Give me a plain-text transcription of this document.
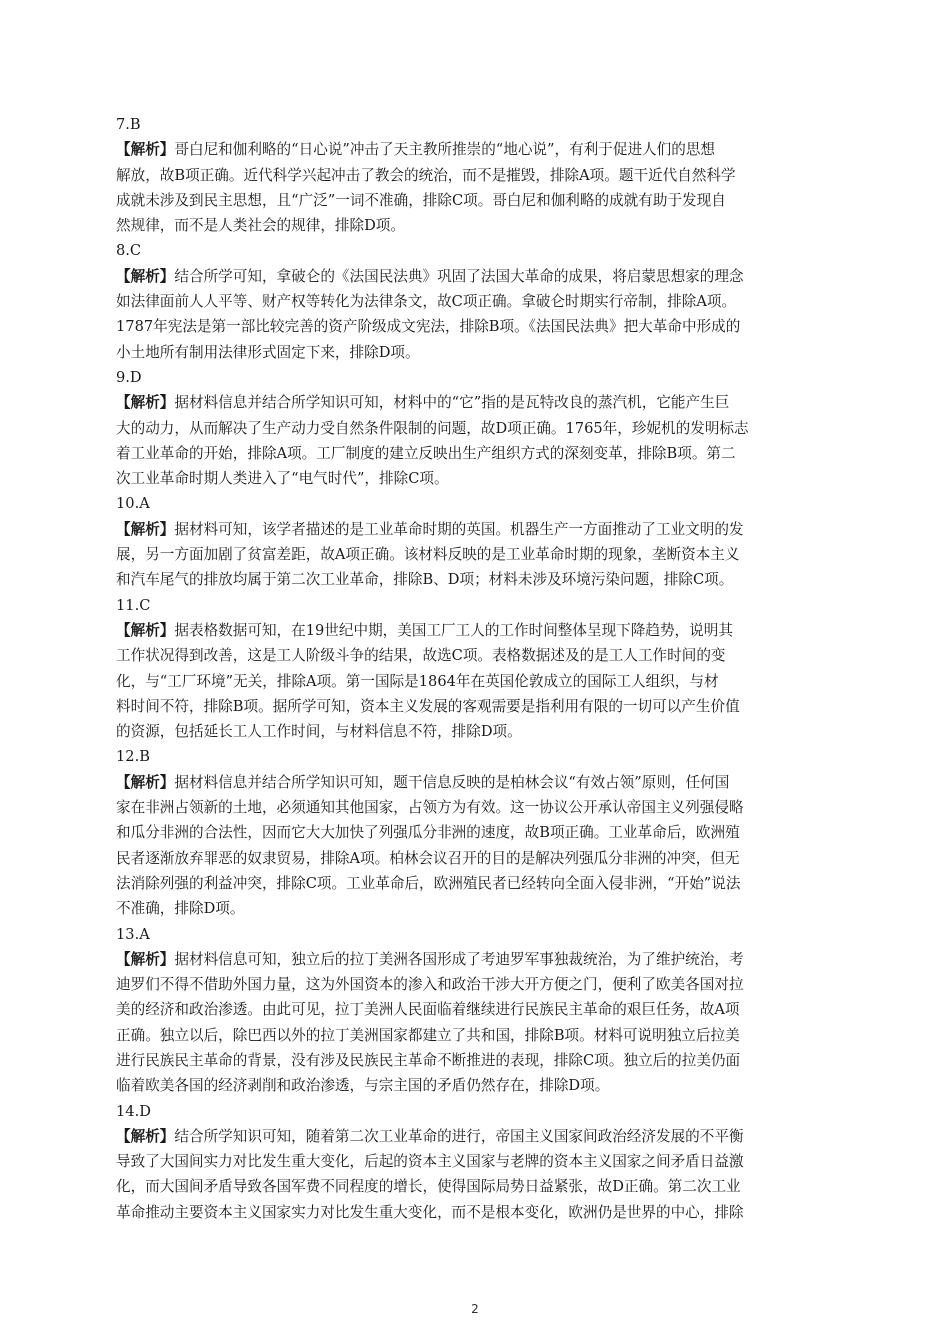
7.B
【解析】哥白尼和伽利略的“日心说”冲击了天主教所推崇的“地心说”，有利于促进人们的思想
解放，故B项正确。近代科学兴起冲击了教会的统治，而不是摧毁，排除A项。题干近代自然科学
成就未涉及到民主思想，且“广泛”一词不准确，排除C项。哥白尼和伽利略的成就有助于发现自
然规律，而不是人类社会的规律，排除D项。
8.C
【解析】结合所学可知，拿破仑的《法国民法典》巩固了法国大革命的成果，将启蒙思想家的理念
如法律面前人人平等、财产权等转化为法律条文，故C项正确。拿破仑时期实行帝制，排除A项。
1787年宪法是第一部比较完善的资产阶级成文宪法，排除B项。《法国民法典》把大革命中形成的
小土地所有制用法律形式固定下来，排除D项。
9.D
【解析】据材料信息并结合所学知识可知，材料中的“它”指的是瓦特改良的蒸汽机，它能产生巨
大的动力，从而解决了生产动力受自然条件限制的问题，故D项正确。1765年，珍妮机的发明标志
着工业革命的开始，排除A项。工厂制度的建立反映出生产组织方式的深刻变革，排除B项。第二
次工业革命时期人类进入了“电气时代”，排除C项。
10.A
【解析】据材料可知，该学者描述的是工业革命时期的英国。机器生产一方面推动了工业文明的发
展，另一方面加剧了贫富差距，故A项正确。该材料反映的是工业革命时期的现象，垄断资本主义
和汽车尾气的排放均属于第二次工业革命，排除B、D项；材料未涉及环境污染问题，排除C项。
11.C
【解析】据表格数据可知，在19世纪中期，美国工厂工人的工作时间整体呈现下降趋势，说明其
工作状况得到改善，这是工人阶级斗争的结果，故选C项。表格数据述及的是工人工作时间的变
化，与“工厂环境”无关，排除A项。第一国际是1864年在英国伦敦成立的国际工人组织，与材
料时间不符，排除B项。据所学可知，资本主义发展的客观需要是指利用有限的一切可以产生价值
的资源，包括延长工人工作时间，与材料信息不符，排除D项。
12.B
【解析】据材料信息并结合所学知识可知，题干信息反映的是柏林会议“有效占领”原则，任何国
家在非洲占领新的土地，必须通知其他国家，占领方为有效。这一协议公开承认帝国主义列强侵略
和瓜分非洲的合法性，因而它大大加快了列强瓜分非洲的速度，故B项正确。工业革命后，欧洲殖
民者逐渐放弃罪恶的奴隶贸易，排除A项。柏林会议召开的目的是解决列强瓜分非洲的冲突，但无
法消除列强的利益冲突，排除C项。工业革命后，欧洲殖民者已经转向全面入侵非洲，“开始”说法
不准确，排除D项。
13.A
【解析】据材料信息可知，独立后的拉丁美洲各国形成了考迪罗军事独裁统治，为了维护统治，考
迪罗们不得不借助外国力量，这为外国资本的渗入和政治干涉大开方便之门，便利了欧美各国对拉
美的经济和政治渗透。由此可见，拉丁美洲人民面临着继续进行民族民主革命的艰巨任务，故A项
正确。独立以后，除巴西以外的拉丁美洲国家都建立了共和国，排除B项。材料可说明独立后拉美
进行民族民主革命的背景，没有涉及民族民主革命不断推进的表现，排除C项。独立后的拉美仍面
临着欧美各国的经济剥削和政治渗透，与宗主国的矛盾仍然存在，排除D项。
14.D
【解析】结合所学知识可知，随着第二次工业革命的进行，帝国主义国家间政治经济发展的不平衡
导致了大国间实力对比发生重大变化，后起的资本主义国家与老牌的资本主义国家之间矛盾日益激
化，而大国间矛盾导致各国军费不同程度的增长，使得国际局势日益紧张，故D正确。第二次工业
革命推动主要资本主义国家实力对比发生重大变化，而不是根本变化，欧洲仍是世界的中心，排除
2
